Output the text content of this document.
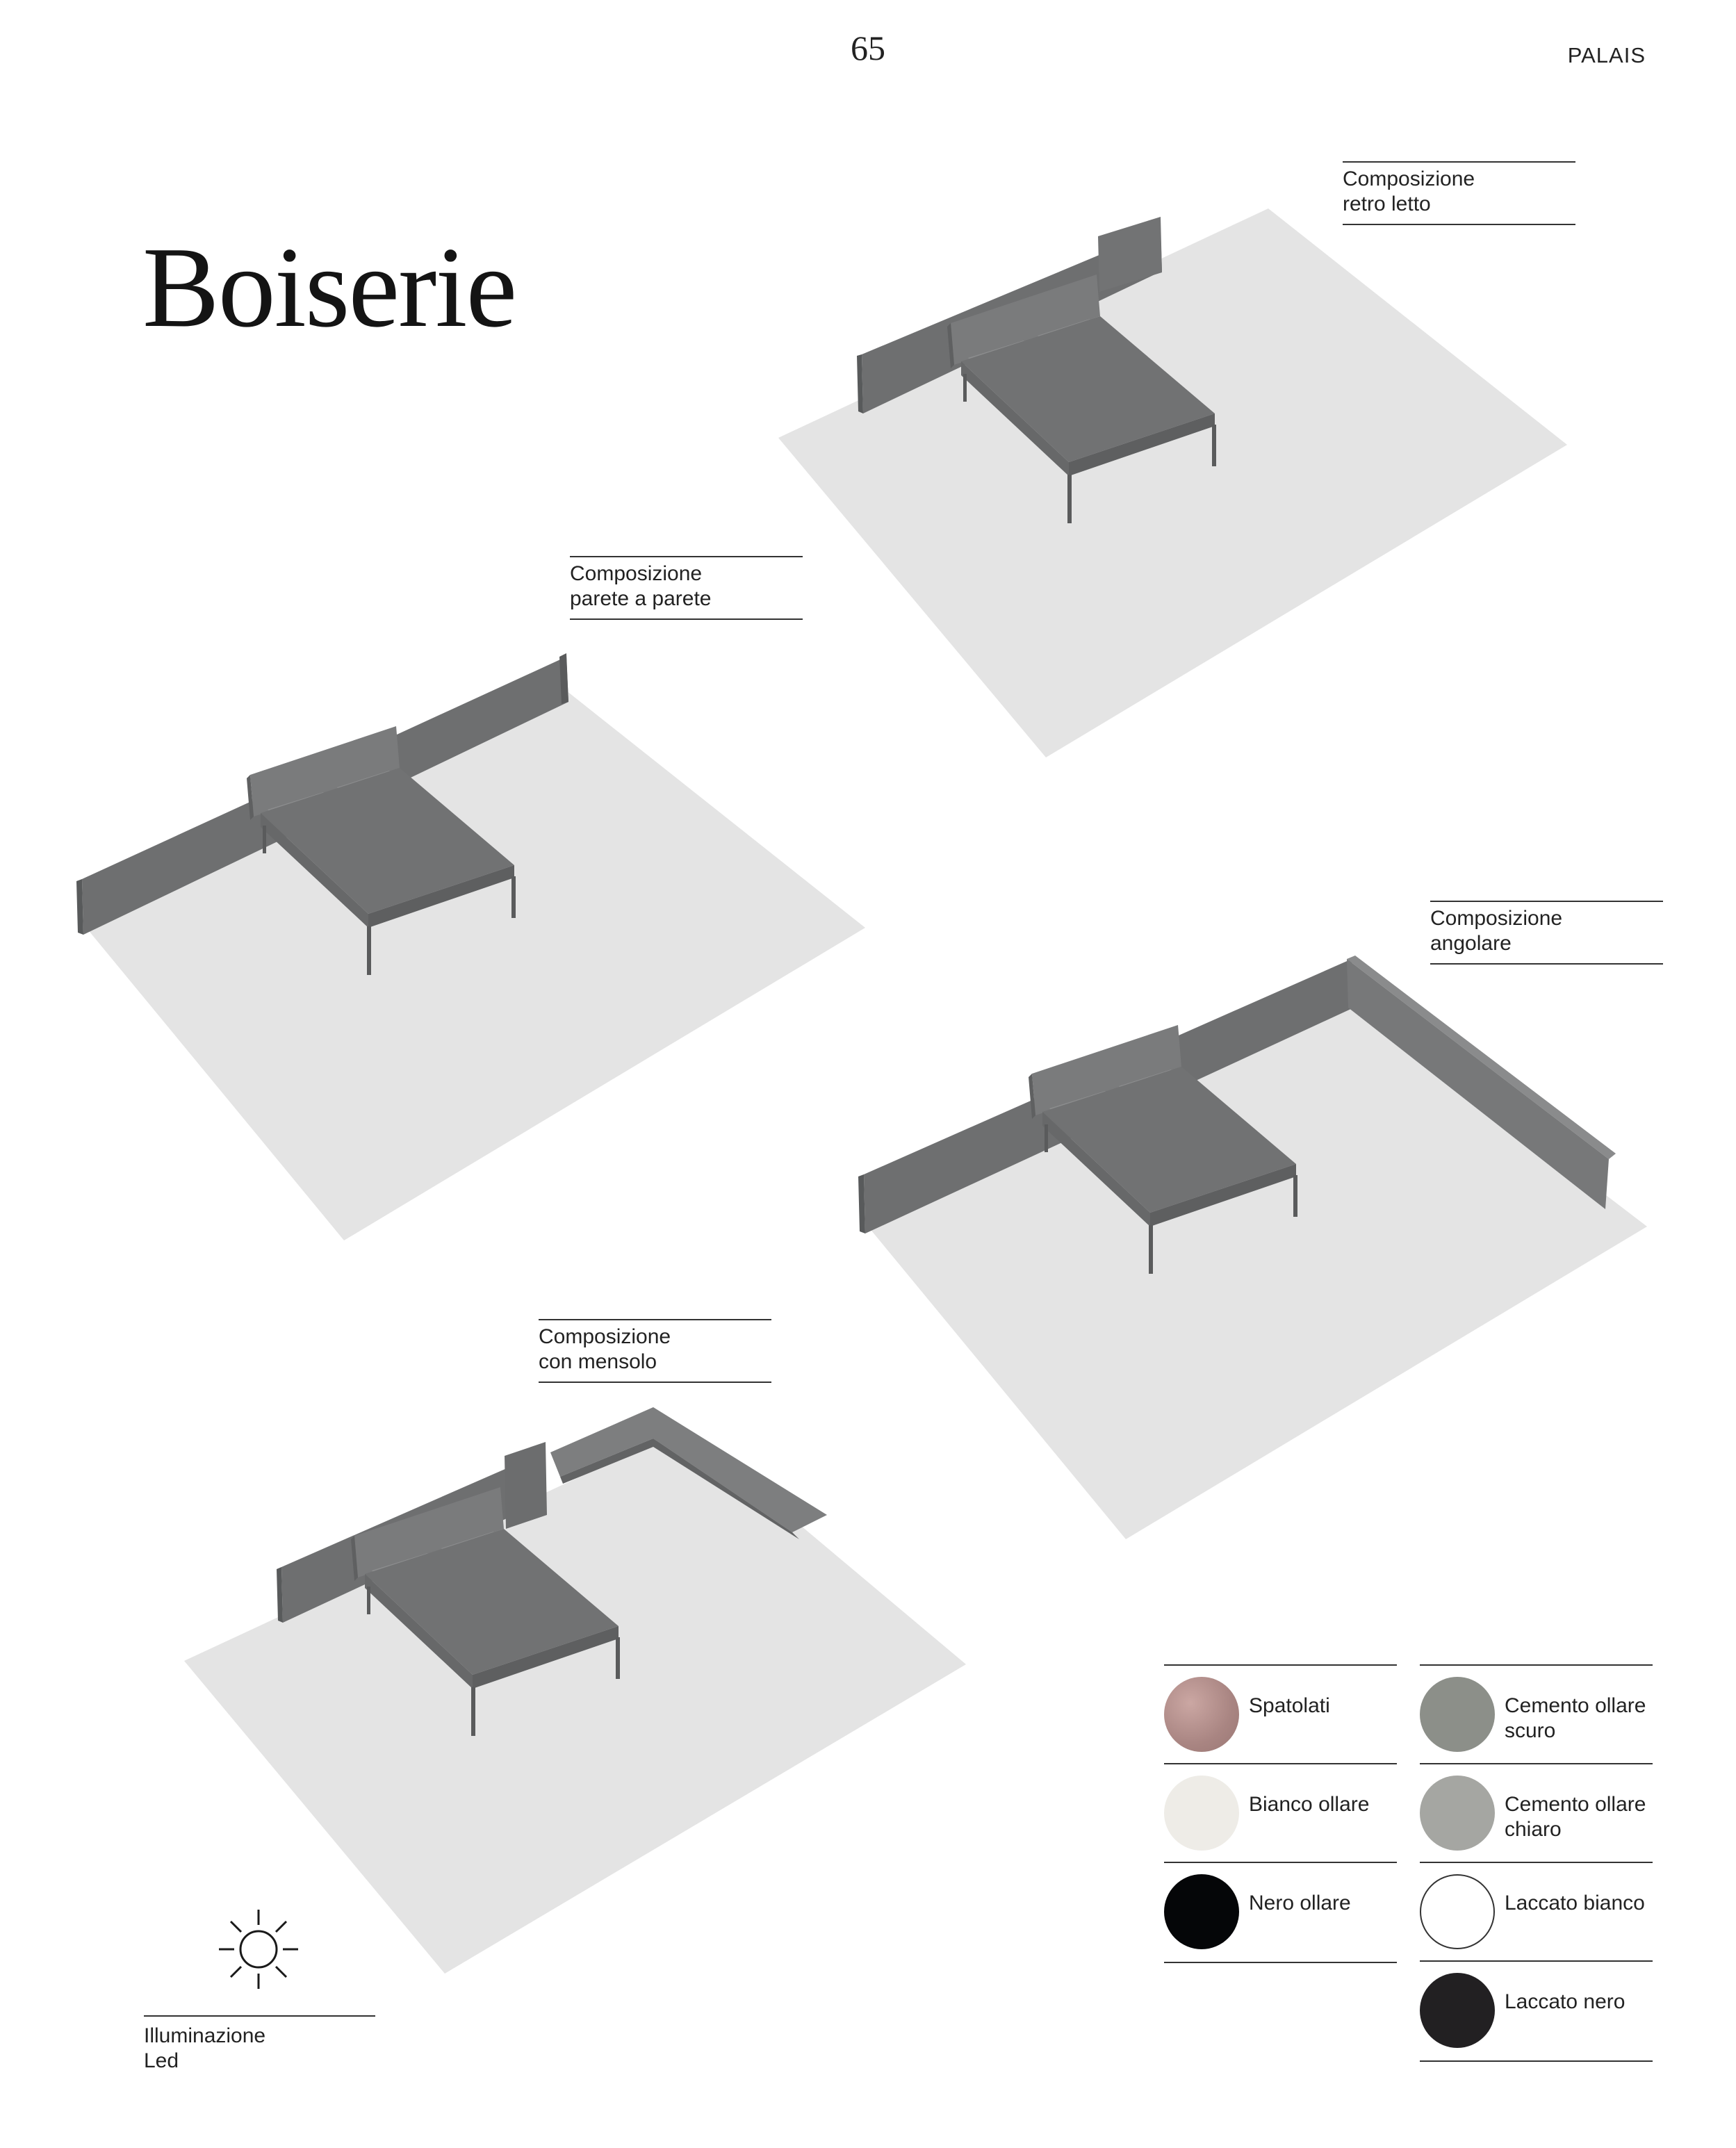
65	PALAIS
Boiserie
Composizione
retro letto
Composizione
parete a parete
Composizione
angolare
Composizione
con mensolo
Spatolati
Bianco ollare
Nero ollare
Cemento ollare scuro
Cemento ollare chiaro
Laccato bianco
Laccato nero
Illuminazione
Led
